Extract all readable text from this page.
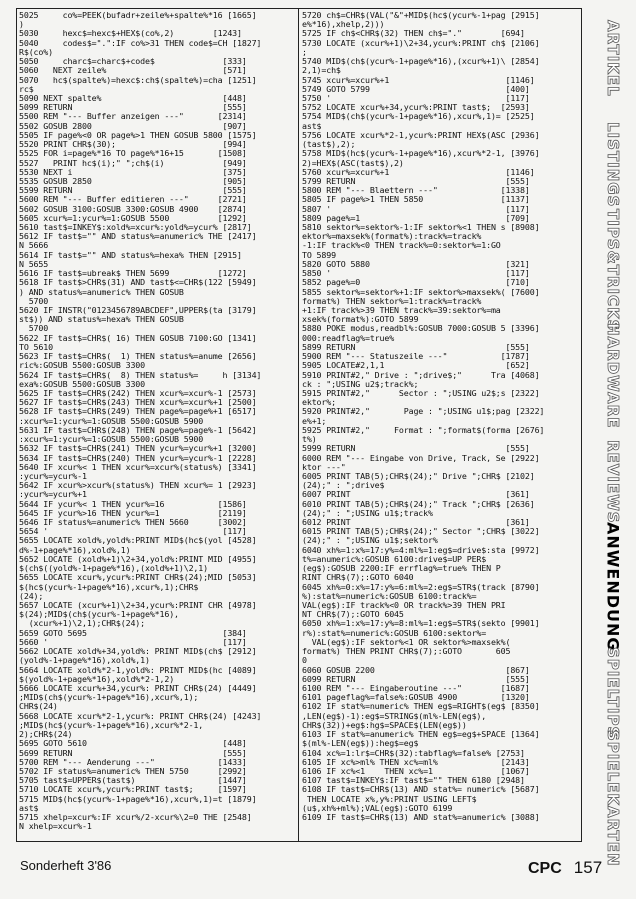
5025     co%=PEEK(bufadr+zeile%+spalte%*16 [1665]
)
5030     hexc$=hexc$+HEX$(co%,2)        [1243]
5040     codes$=".":IF co%>31 THEN code$=CH [1827]
R$(co%)
5050     charc$=charc$+code$              [333]
5060   NEXT zeile%                        [571]
5070   hc$(spalte%)=hexc$:ch$(spalte%)=cha [1251]
rc$
5090 NEXT spalte%                         [448]
5099 RETURN                               [555]
5500 REM "--- Buffer anzeigen ---"       [2314]
5502 GOSUB 2800                           [907]
5505 IF page%<0 OR page%>1 THEN GOSUB 5800 [1575]
5520 PRINT CHR$(30);                      [994]
5525 FOR i=page%*16 TO page%*16+15       [1508]
5527   PRINT hc$(i);" ";ch$(i)            [949]
5530 NEXT i                               [375]
5535 GOSUB 2850                           [905]
5599 RETURN                               [555]
5600 REM "--- Buffer editieren ---"      [2721]
5602 GOSUB 3100:GOSUB 3300:GOSUB 4900    [2874]
5605 xcur%=1:ycur%=1:GOSUB 5500          [1292]
5610 tast$=INKEY$:xold%=xcur%:yold%=ycur% [2817]
5612 IF tast$="" AND status%=anumeric% THE [2417]
N 5666
5614 IF tast$="" AND status%=hexa% THEN [2915]
N 5655
5616 IF tast$=ubreak$ THEN 5699          [1272]
5618 IF tast$>CHR$(31) AND tast$<=CHR$(122 [5949]
) AND status%=anumeric% THEN GOSUB
5700
5620 IF INSTR("0123456789ABCDEF",UPPER$(ta [3179]
st$)) AND status%=hexa% THEN GOSUB
5700
5622 IF tast$=CHR$( 16) THEN GOSUB 7100:GO [1341]
TO 5610
5623 IF tast$=CHR$(  1) THEN status%=anume [2656]
ric%:GOSUB 5500:GOSUB 3300
5624 IF tast$=CHR$(  8) THEN status%=     h [3134]
exa%:GOSUB 5500:GOSUB 3300
5625 IF tast$=CHR$(242) THEN xcur%=xcur%-1 [2573]
5627 IF tast$=CHR$(243) THEN xcur%=xcur%+1 [2500]
5628 IF tast$=CHR$(249) THEN page%=page%+1 [6517]
:xcur%=1:ycur%=1:GOSUB 5500:GOSUB 5900
5631 IF tast$=CHR$(248) THEN page%=page%-1 [5642]
:xcur%=1:ycur%=1:GOSUB 5500:GOSUB 5900
5632 IF tast$=CHR$(241) THEN ycur%=ycur%+1 [3200]
5634 IF tast$=CHR$(240) THEN ycur%=ycur%-1 [2228]
5640 IF xcur%< 1 THEN xcur%=xcur%(status%) [3341]
:ycur%=ycur%-1
5642 IF xcur%>xcur%(status%) THEN xcur%= 1 [2923]
:ycur%=ycur%+1
5644 IF ycur%< 1 THEN ycur%=16           [1586]
5645 IF ycur%>16 THEN ycur%=1            [2119]
5646 IF status%=anumeric% THEN 5660      [3002]
5654 '                                    [117]
5655 LOCATE xold%,yold%:PRINT MID$(hc$(yol [4528]
d%-1+page%*16),xold%,1)
5652 LOCATE (xold%+1)\2+34,yold%:PRINT MID [4955]
$(ch$((yold%-1+page%*16),(xold%+1)\2,1)
5655 LOCATE xcur%,ycur%:PRINT CHR$(24);MID [5053]
$(hc$(ycur%-1+page%*16),xcur%,1);CHR$
(24);
5657 LOCATE (xcur%+1)\2+34,ycur%:PRINT CHR [4978]
$(24);MID$(ch$(ycur%-1+page%*16),
(xcur%+1)\2,1);CHR$(24);
5659 GOTO 5695                            [384]
5660 '                                    [117]
5662 LOCATE xold%+34,yold%: PRINT MID$(ch$ [2912]
(yold%-1+page%*16),xold%,1)
5664 LOCATE xold%*2-1,yold%: PRINT MID$(hc [4089]
$(yold%-1+page%*16),xold%*2-1,2)
5666 LOCATE xcur%+34,ycur%: PRINT CHR$(24) [4449]
;MID$(ch$(ycur%-1+page%*16),xcur%,1);
CHR$(24)
5668 LOCATE xcur%*2-1,ycur%: PRINT CHR$(24) [4243]
;MID$(hc$(ycur%-1+page%*16),xcur%*2-1,
2);CHR$(24)
5695 GOTO 5610                            [448]
5699 RETURN                               [555]
5700 REM "--- Aenderung ---"             [1433]
5702 IF status%=anumeric% THEN 5750      [2992]
5705 tast$=UPPER$(tast$)                 [1447]
5710 LOCATE xcur%,ycur%:PRINT tast$;     [1597]
5715 MID$(hc$(ycur%-1+page%*16),xcur%,1)=t [1879]
ast$
5715 xhelp=xcur%:IF xcur%/2-xcur%\2=0 THE [2548]
N xhelp=xcur%-1
5720 ch$=CHR$(VAL("&"+MID$(hc$(ycur%-1+pag [2915]
e%*16),xhelp,2)))
5725 IF ch$<CHR$(32) THEN ch$="."        [694]
5730 LOCATE (xcur%+1)\2+34,ycur%:PRINT ch$ [2106]
;
5740 MID$(ch$(ycur%-1+page%*16),(xcur%+1)\ [2854]
2,1)=ch$
5745 xcur%=xcur%+1                        [1146]
5749 GOTO 5799                            [400]
5750 '                                    [117]
5752 LOCATE xcur%+34,ycur%:PRINT tast$;  [2593]
5754 MID$(ch$(ycur%-1+page%*16),xcur%,1)= [2525]
ast$
5756 LOCATE xcur%*2-1,ycur%:PRINT HEX$(ASC [2936]
(tast$),2);
5758 MID$(hc$(ycur%-1+page%*16),xcur%*2-1, [3976]
2)=HEX$(ASC(tast$),2)
5760 xcur%=xcur%+1                        [1146]
5799 RETURN                               [555]
5800 REM "--- Blaettern ---"             [1338]
5805 IF page%>1 THEN 5850                [1137]
5807 '                                    [117]
5809 page%=1                              [709]
5810 sektor%=sektor%-1:IF sektor%<1 THEN s [8908]
ektor%=maxsek%(format%):track%=track%
-1:IF track%<0 THEN track%=0:sektor%=1:GO
TO 5899
5820 GOTO 5880                            [321]
5850 '                                    [117]
5852 page%=0                              [710]
5855 sektor%=sektor%+1:IF sektor%>maxsek%( [7600]
format%) THEN sektor%=1:track%=track%
+1:IF track%>39 THEN track%=39:sektor%=ma
xsek%(format%):GOTO 5899
5880 POKE modus,readbl%:GOSUB 7000:GOSUB 5 [3396]
000:readflag%=true%
5899 RETURN                               [555]
5900 REM "--- Statuszeile ---"           [1787]
5905 LOCATE#2,1,1                         [652]
5910 PRINT#2," Drive : ";drive$;"      Tra [4068]
ck : ";USING u2$;track%;
5915 PRINT#2,"      Sector : ";USING u2$;s [2322]
ektor%;
5920 PRINT#2,"       Page : ";USING u1$;pag [2322]
e%+1;
5925 PRINT#2,"     Format : ";format$(forma [2676]
t%)
5999 RETURN                               [555]
6000 REM "--- Eingabe von Drive, Track, Se [2922]
ktor ---"
6005 PRINT TAB(5);CHR$(24);" Drive ";CHR$ [2102]
(24);" : ";drive$
6007 PRINT                                [361]
6010 PRINT TAB(5);CHR$(24);" Track ";CHR$ [2636]
(24);" : ";USING u1$;track%
6012 PRINT                                [361]
6015 PRINT TAB(5);CHR$(24);" Sector ";CHR$ [3022]
(24);" : ";USING u1$;sektor%
6040 xh%=1:x%=17:y%=4:ml%=1:eg$=drive$:sta [9972]
t%=anumeric%:GOSUB 6100:drive$=UP PER$
(eg$):GOSUB 2200:IF errflag%=true% THEN P
RINT CHR$(7);:GOTO 6040
6045 xh%=0:x%=17:y%=6:ml%=2:eg$=STR$(track [8790]
%):stat%=numeric%:GOSUB 6100:track%=
VAL(eg$):IF track%<0 OR track%>39 THEN PRI
NT CHR$(7);:GOTO 6045
6050 xh%=1:x%=17:y%=8:ml%=1:eg$=STR$(sekto [9901]
r%):stat%=numeric%:GOSUB 6100:sektor%=
VAL(eg$):IF sektor%<1 OR sektor%>maxsek%(
format%) THEN PRINT CHR$(7);:GOTO       605
0
6060 GOSUB 2200                           [867]
6099 RETURN                               [555]
6100 REM "--- Eingaberoutine ---"        [1687]
6101 pageflag%=false%:GOSUB 4900         [1320]
6102 IF stat%=numeric% THEN eg$=RIGHT$(eg$ [8350]
,LEN(eg$)-1):eg$=STRING$(ml%-LEN(eg$),
CHR$(32))+eg$:hg$=SPACE$(LEN(eg$))
6103 IF stat%=anumeric% THEN eg$=eg$+SPACE [1364]
$(ml%-LEN(eg$)):heg$=eg$
6104 xc%=1:lr$=CHR$(32):tabflag%=false% [2753]
6105 IF xc%>ml% THEN xc%=ml%             [2143]
6106 IF xc%<1    THEN xc%=1              [1067]
6107 tast$=INKEY$:IF tast$="" THEN 6180 [2948]
6108 IF tast$=CHR$(13) AND stat%= numeric% [5687]
THEN LOCATE x%,y%:PRINT USING LEFT$
(u$,xh%+ml%);VAL(eg$):GOTO 6199
6109 IF tast$=CHR$(13) AND stat%=anumeric% [3088]
ARTIKEL
LISTINGS
TIPS&TRICKS
HARDWARE
REVIEWS
ANWENDUNG
SPIELTIPS
SPIELEKARTEN
Sonderheft 3'86	CPC 157
